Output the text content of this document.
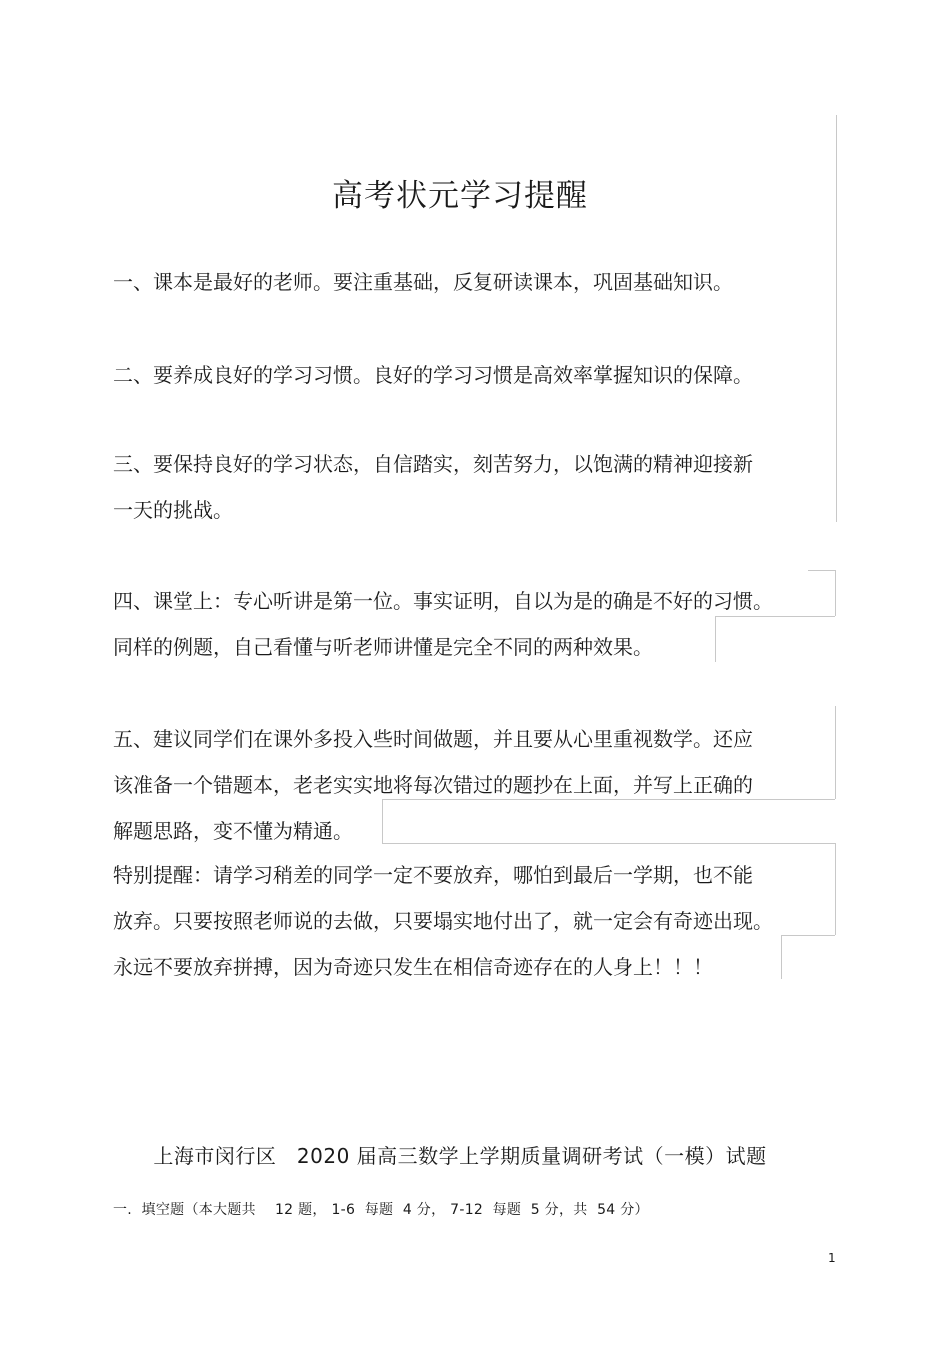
高考状元学习提醒
一、课本是最好的老师。要注重基础，反复研读课本，巩固基础知识。
二、要养成良好的学习习惯。良好的学习习惯是高效率掌握知识的保障。
三、要保持良好的学习状态，自信踏实，刻苦努力，以饱满的精神迎接新
一天的挑战。
四、课堂上：专心听讲是第一位。事实证明，自以为是的确是不好的习惯。
同样的例题，自己看懂与听老师讲懂是完全不同的两种效果。
五、建议同学们在课外多投入些时间做题，并且要从心里重视数学。还应
该准备一个错题本，老老实实地将每次错过的题抄在上面，并写上正确的
解题思路，变不懂为精通。
特别提醒：请学习稍差的同学一定不要放弃，哪怕到最后一学期，也不能
放弃。只要按照老师说的去做，只要塌实地付出了，就一定会有奇迹出现。
永远不要放弃拼搏，因为奇迹只发生在相信奇迹存在的人身上！！！
上海市闵行区   2020 届高三数学上学期质量调研考试（一模）试题
一.  填空题（本大题共    12 题， 1-6  每题  4 分， 7-12  每题  5 分，共  54 分）
1
